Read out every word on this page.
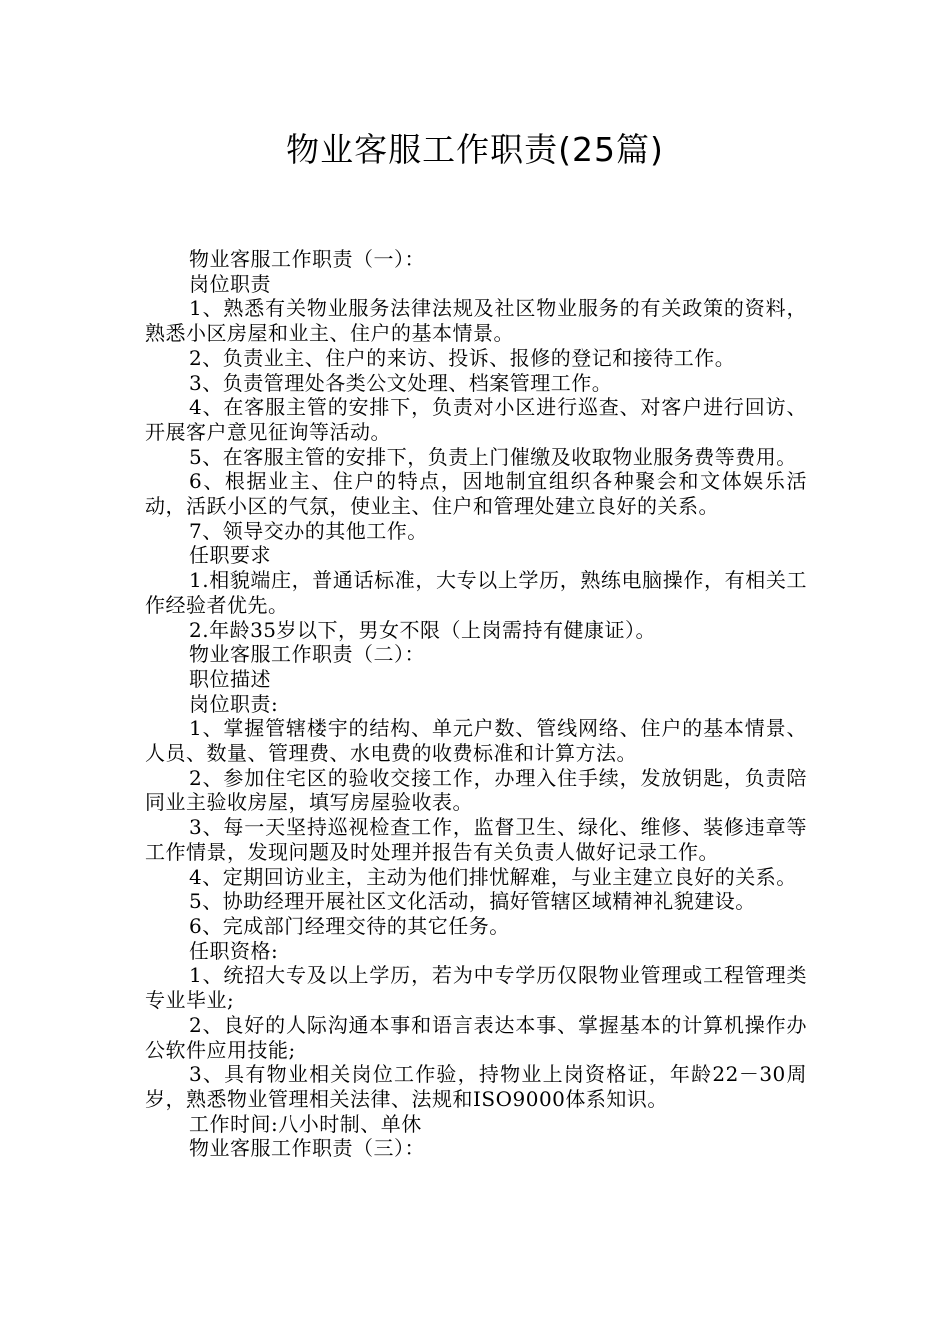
物业客服工作职责(25篇)

物业客服工作职责（一）：

岗位职责

1、熟悉有关物业服务法律法规及社区物业服务的有关政策的资料，熟悉小区房屋和业主、住户的基本情景。

2、负责业主、住户的来访、投诉、报修的登记和接待工作。

3、负责管理处各类公文处理、档案管理工作。

4、在客服主管的安排下，负责对小区进行巡查、对客户进行回访、开展客户意见征询等活动。

5、在客服主管的安排下，负责上门催缴及收取物业服务费等费用。

6、根据业主、住户的特点，因地制宜组织各种聚会和文体娱乐活动，活跃小区的气氛，使业主、住户和管理处建立良好的关系。

7、领导交办的其他工作。

任职要求

1.相貌端庄，普通话标准，大专以上学历，熟练电脑操作，有相关工作经验者优先。

2.年龄35岁以下，男女不限（上岗需持有健康证）。

物业客服工作职责（二）：

职位描述

岗位职责:

1、掌握管辖楼宇的结构、单元户数、管线网络、住户的基本情景、人员、数量、管理费、水电费的收费标准和计算方法。

2、参加住宅区的验收交接工作，办理入住手续，发放钥匙，负责陪同业主验收房屋，填写房屋验收表。

3、每一天坚持巡视检查工作，监督卫生、绿化、维修、装修违章等工作情景，发现问题及时处理并报告有关负责人做好记录工作。

4、定期回访业主，主动为他们排忧解难，与业主建立良好的关系。

5、协助经理开展社区文化活动，搞好管辖区域精神礼貌建设。

6、完成部门经理交待的其它任务。

任职资格:

1、统招大专及以上学历，若为中专学历仅限物业管理或工程管理类专业毕业;

2、良好的人际沟通本事和语言表达本事、掌握基本的计算机操作办公软件应用技能;

3、具有物业相关岗位工作验，持物业上岗资格证，年龄22－30周岁，熟悉物业管理相关法律、法规和ISO9000体系知识。

工作时间:八小时制、单休

物业客服工作职责（三）：
